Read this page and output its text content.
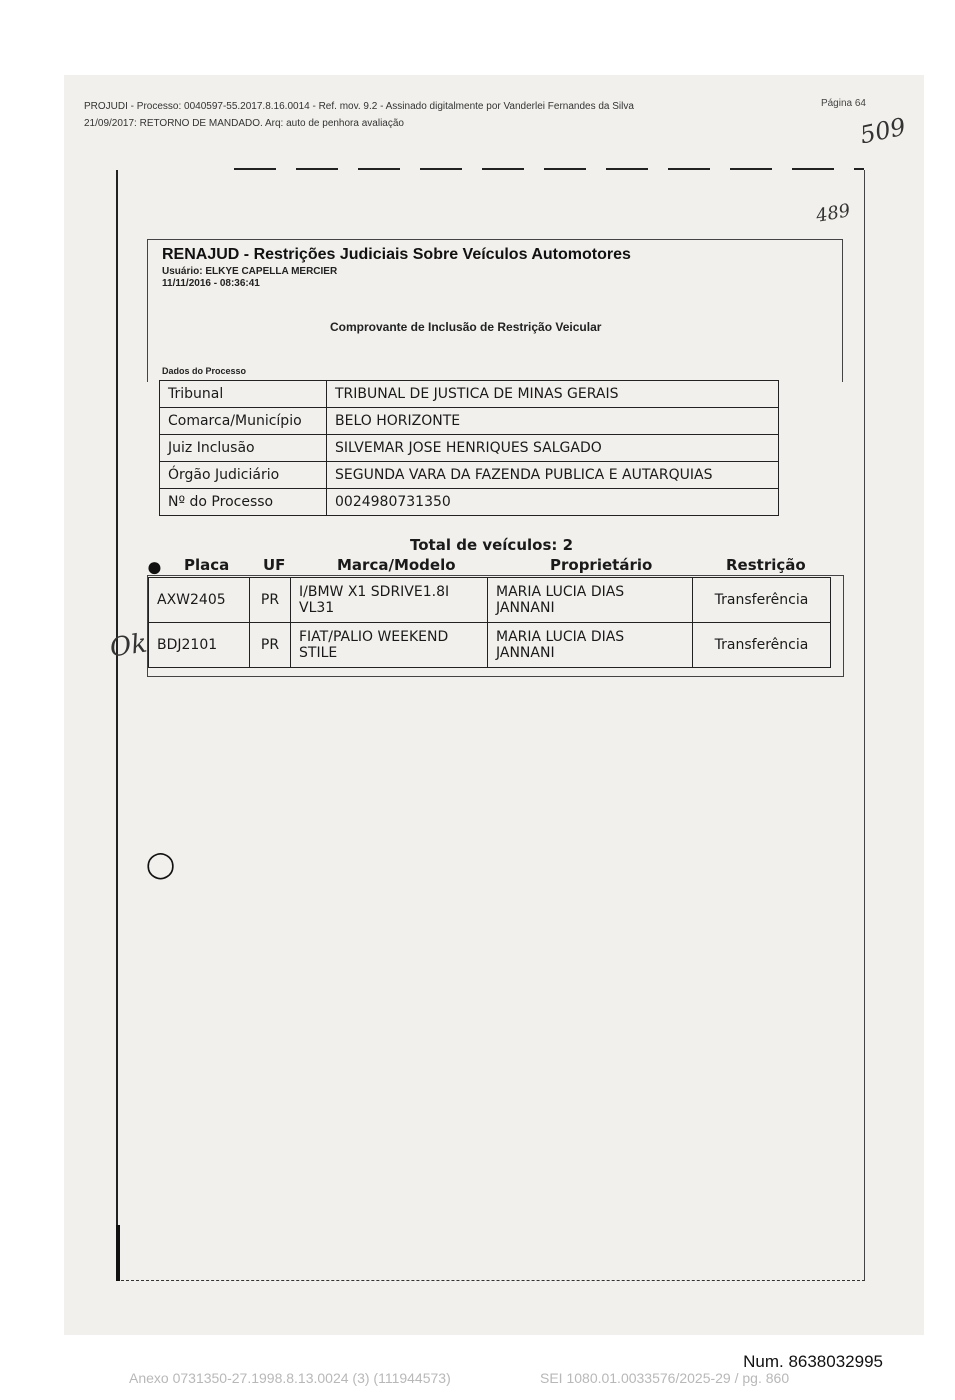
PROJUDI - Processo: 0040597-55.2017.8.16.0014 - Ref. mov. 9.2 - Assinado digitalmente por Vanderlei Fernandes da Silva
21/09/2017: RETORNO DE MANDADO. Arq: auto de penhora avaliação
Página 64
509
489
RENAJUD - Restrições Judiciais Sobre Veículos Automotores
Usuário: ELKYE CAPELLA MERCIER
11/11/2016 - 08:36:41
Comprovante de Inclusão de Restrição Veicular
Dados do Processo
Tribunal	TRIBUNAL DE JUSTICA DE MINAS GERAIS
Comarca/Município	BELO HORIZONTE
Juiz Inclusão	SILVEMAR JOSE HENRIQUES SALGADO
Órgão Judiciário	SEGUNDA VARA DA FAZENDA PUBLICA E AUTARQUIAS
Nº do Processo	0024980731350
Total de veículos: 2
● Placa UF	Marca/Modelo	Proprietário	Restrição
AXW2405	PR	I/BMW X1 SDRIVE1.8I VL31	MARIA LUCIA DIAS JANNANI	Transferência
BDJ2101	PR	FIAT/PALIO WEEKEND STILE	MARIA LUCIA DIAS JANNANI	Transferência
Ok
◯
Num. 8638032995
Anexo 0731350-27.1998.8.13.0024 (3) (111944573)	SEI 1080.01.0033576/2025-29 / pg. 860
